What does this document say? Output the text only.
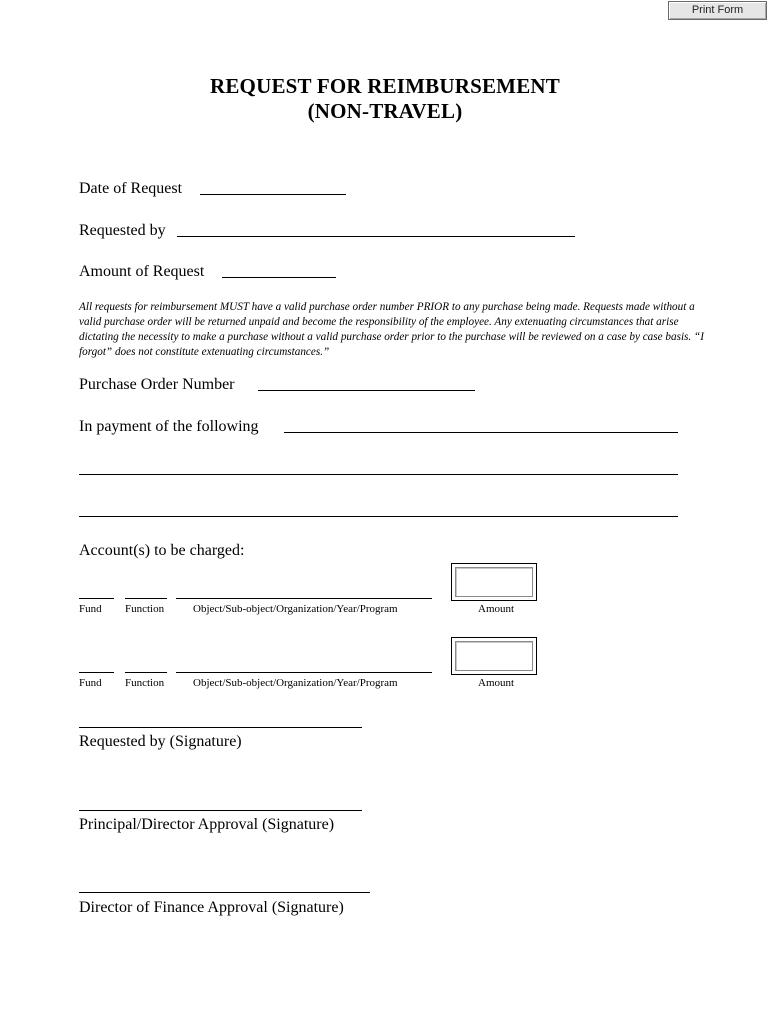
Print Form
REQUEST FOR REIMBURSEMENT
(NON-TRAVEL)
Date of Request
Requested by
Amount of Request
All requests for reimbursement MUST have a valid purchase order number PRIOR to any purchase being made. Requests made without a valid purchase order will be returned unpaid and become the responsibility of the employee. Any extenuating circumstances that arise dictating the necessity to make a purchase without a valid purchase order prior to the purchase will be reviewed on a case by case basis. “I forgot” does not constitute extenuating circumstances.”
Purchase Order Number
In payment of the following
Account(s) to be charged:
Fund Function	Object/Sub-object/Organization/Year/Program	Amount
Fund Function	Object/Sub-object/Organization/Year/Program	Amount
Requested by (Signature)
Principal/Director Approval (Signature)
Director of Finance Approval (Signature)
